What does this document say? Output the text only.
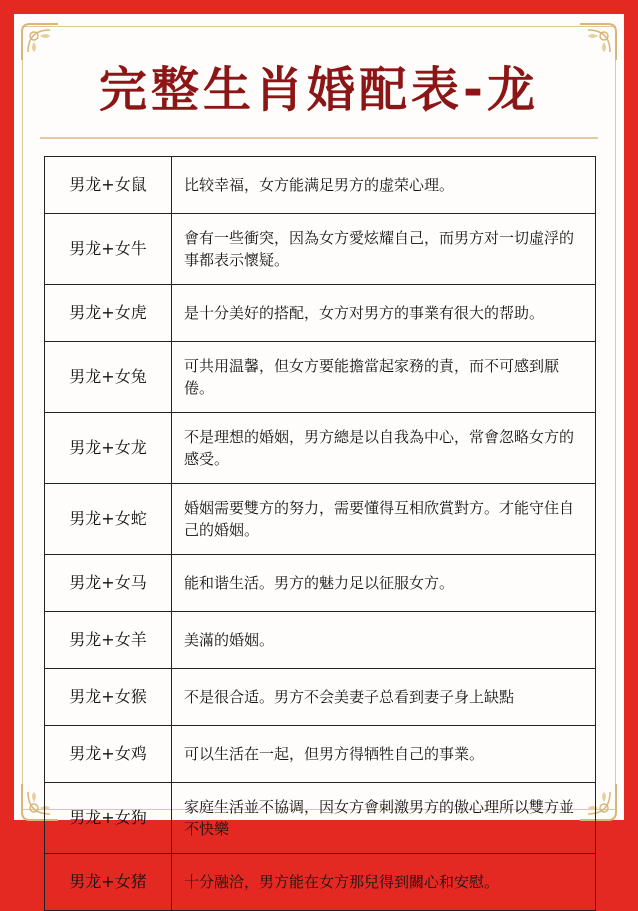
完整生肖婚配表-龙
男龙+女鼠	比较幸福，女方能满足男方的虚荣心理。
男龙+女牛	會有一些衝突，因為女方愛炫耀自己，而男方对一切虛浮的事都表示懷疑。
男龙+女虎	是十分美好的搭配，女方对男方的事業有很大的帮助。
男龙+女兔	可共用温馨，但女方要能擔當起家務的責，而不可感到厭倦。
男龙+女龙	不是理想的婚姻，男方總是以自我為中心，常會忽略女方的感受。
男龙+女蛇	婚姻需要雙方的努力，需要懂得互相欣賞對方。才能守住自己的婚姻。
男龙+女马	能和谐生活。男方的魅力足以征服女方。
男龙+女羊	美滿的婚姻。
男龙+女猴	不是很合适。男方不会美妻子总看到妻子身上缺點
男龙+女鸡	可以生活在一起，但男方得牺牲自己的事業。
男龙+女狗	家庭生活並不協调，因女方會刺激男方的傲心理所以雙方並不快樂
男龙+女猪	十分融洽，男方能在女方那兒得到關心和安慰。
